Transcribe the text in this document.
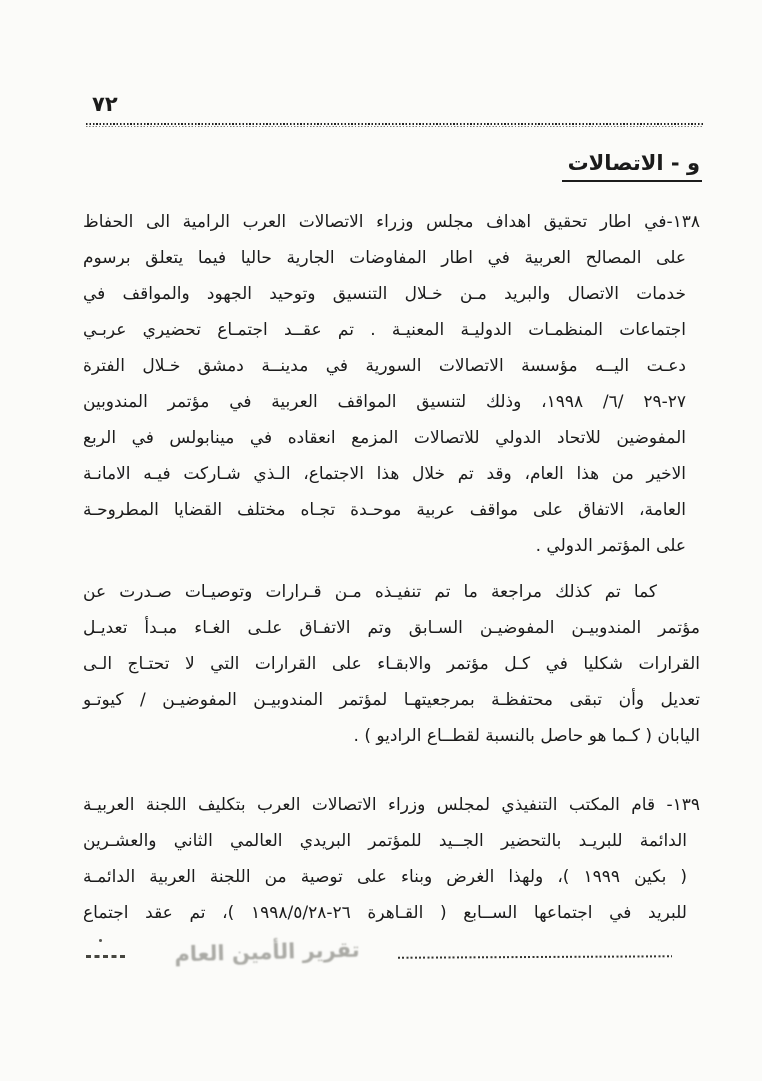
٧٢
و - الاتصالات
١٣٨-في اطار تحقيق اهداف مجلس وزراء الاتصالات العرب الرامية الى الحفاظ
على المصالح العربية في اطار المفاوضات الجارية حاليا فيما يتعلق برسوم
خدمات الاتصال والبريد مـن خـلال التنسيق وتوحيد الجهود والمواقف في
اجتماعات المنظمـات الدوليـة المعنيـة . تم عقــد اجتمـاع تحضيري عربـي
دعـت اليــه مؤسسة الاتصالات السورية في مدينــة دمشق خـلال الفترة
٢٧-٢٩ /٦/ ١٩٩٨، وذلك لتنسيق المواقف العربية في مؤتمر المندوبين
المفوضين للاتحاد الدولي للاتصالات المزمع انعقاده في مينابولس في الربع
الاخير من هذا العام، وقد تم خلال هذا الاجتماع، الـذي شـاركت فيـه الامانـة
العامة، الاتفاق على مواقف عربية موحـدة تجـاه مختلف القضايا المطروحـة
على المؤتمر الدولي .
كما تم كذلك مراجعة ما تم تنفيـذه مـن قـرارات وتوصيـات صـدرت عن
مؤتمر المندوبيـن المفوضيـن السـابق وتم الاتفـاق علـى الغـاء مبـدأ تعديـل
القرارات شكليا في كـل مؤتمر والابقـاء على القرارات التي لا تحتـاج الـى
تعديل وأن تبقى محتفظـة بمرجعيتهـا لمؤتمر المندوبيـن المفوضيـن / كيوتـو
اليابان ( كـما هو حاصل بالنسبة لقطــاع الراديو ) .
١٣٩- قام المكتب التنفيذي لمجلس وزراء الاتصالات العرب بتكليف اللجنة العربيـة
الدائمة للبريـد بالتحضير الجــيد للمؤتمر البريدي العالمي الثاني والعشـرين
( بكين ١٩٩٩ )، ولهذا الغرض وبناء على توصية من اللجنة العربية الدائمـة
للبريد في اجتماعها الســابع ( القـاهرة ٢٦-٢٨/‏٥/‏١٩٩٨ )، تم عقد اجتماع
تقرير الأمين العام
